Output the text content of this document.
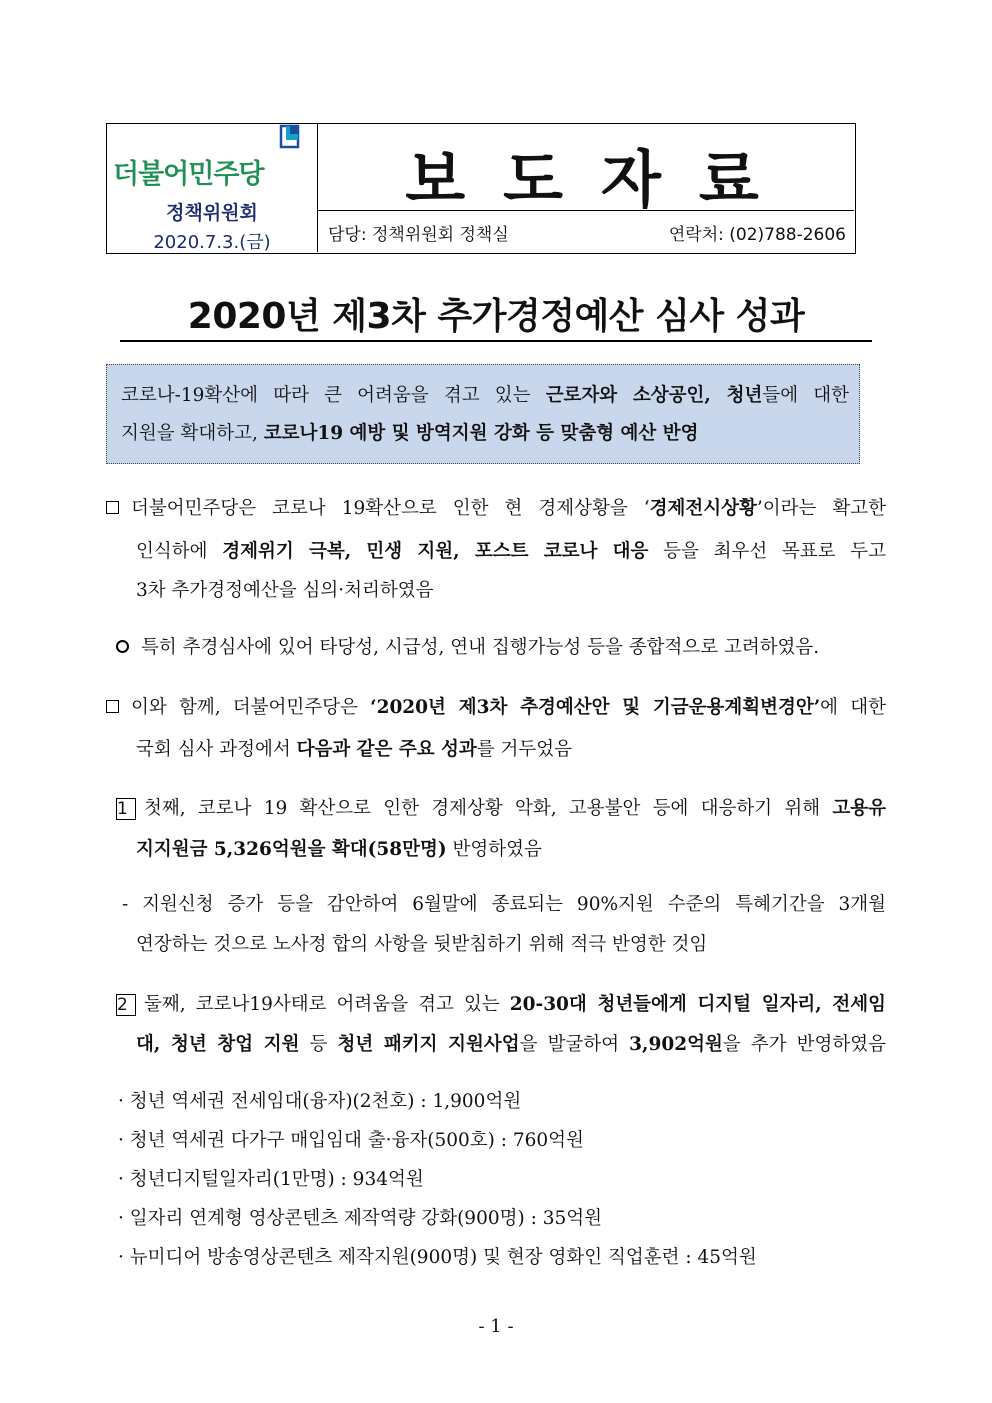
더불어민주당
정책위원회
2020.7.3.(금)
보도자료
담당: 정책위원회 정책실	연락처: (02)788-2606
2020년 제3차 추가경정예산 심사 성과
코로나-19확산에 따라 큰 어려움을 겪고 있는 근로자와 소상공인, 청년들에 대한
지원을 확대하고, 코로나19 예방 및 방역지원 강화 등 맞춤형 예산 반영
더불어민주당은 코로나 19확산으로 인한 현 경제상황을 ‘경제전시상황’이라는 확고한
인식하에 경제위기 극복, 민생 지원, 포스트 코로나 대응 등을 최우선 목표로 두고
3차 추가경정예산을 심의·처리하였음
특히 추경심사에 있어 타당성, 시급성, 연내 집행가능성 등을 종합적으로 고려하였음.
이와 함께, 더불어민주당은 ‘2020년 제3차 추경예산안 및 기금운용계획변경안’에 대한
국회 심사 과정에서 다음과 같은 주요 성과를 거두었음
1 첫째, 코로나 19 확산으로 인한 경제상황 악화, 고용불안 등에 대응하기 위해 고용유
지지원금 5,326억원을 확대(58만명) 반영하였음
- 지원신청 증가 등을 감안하여 6월말에 종료되는 90%지원 수준의 특혜기간을 3개월
연장하는 것으로 노사정 합의 사항을 뒷받침하기 위해 적극 반영한 것임
2 둘째, 코로나19사태로 어려움을 겪고 있는 20-30대 청년들에게 디지털 일자리, 전세임
대, 청년 창업 지원 등 청년 패키지 지원사업을 발굴하여 3,902억원을 추가 반영하였음
· 청년 역세권 전세임대(융자)(2천호) : 1,900억원
· 청년 역세권 다가구 매입임대 출·융자(500호) : 760억원
· 청년디지털일자리(1만명) : 934억원
· 일자리 연계형 영상콘텐츠 제작역량 강화(900명) : 35억원
· 뉴미디어 방송영상콘텐츠 제작지원(900명) 및 현장 영화인 직업훈련 : 45억원
- 1 -
